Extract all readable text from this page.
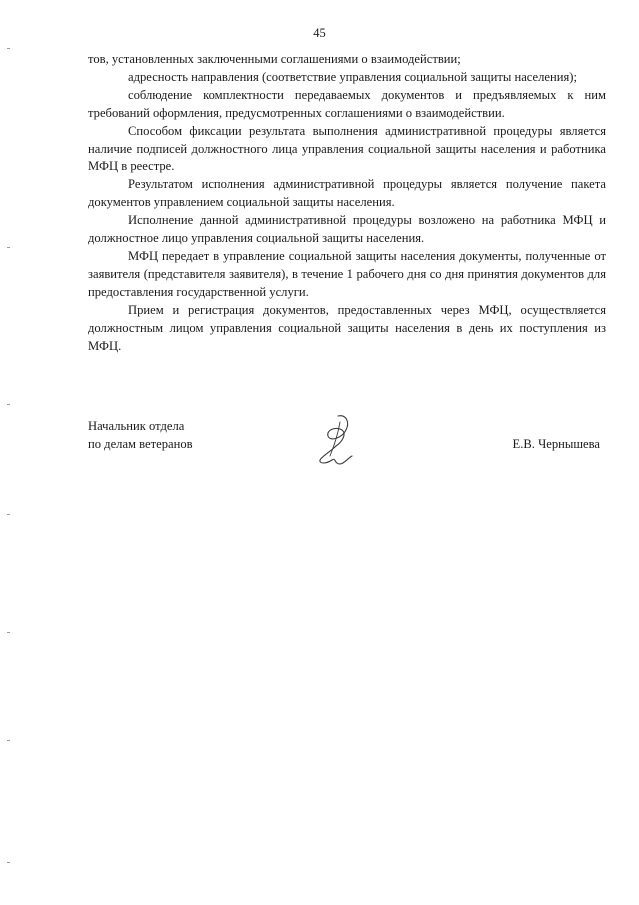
45

тов, установленных заключенными соглашениями о взаимодействии;

адресность направления (соответствие управления социальной защиты населения);

соблюдение комплектности передаваемых документов и предъявляемых к ним требований оформления, предусмотренных соглашениями о взаимодействии.

Способом фиксации результата выполнения административной процедуры является наличие подписей должностного лица управления социальной защиты населения и работника МФЦ в реестре.

Результатом исполнения административной процедуры является получение пакета документов управлением социальной защиты населения.

Исполнение данной административной процедуры возложено на работника МФЦ и должностное лицо управления социальной защиты населения.

МФЦ передает в управление социальной защиты населения документы, полученные от заявителя (представителя заявителя), в течение 1 рабочего дня со дня принятия документов для предоставления государственной услуги.

Прием и регистрация документов, предоставленных через МФЦ, осуществляется должностным лицом управления социальной защиты населения в день их поступления из МФЦ.

Начальник отдела
по делам ветеранов	Е.В. Чернышева
